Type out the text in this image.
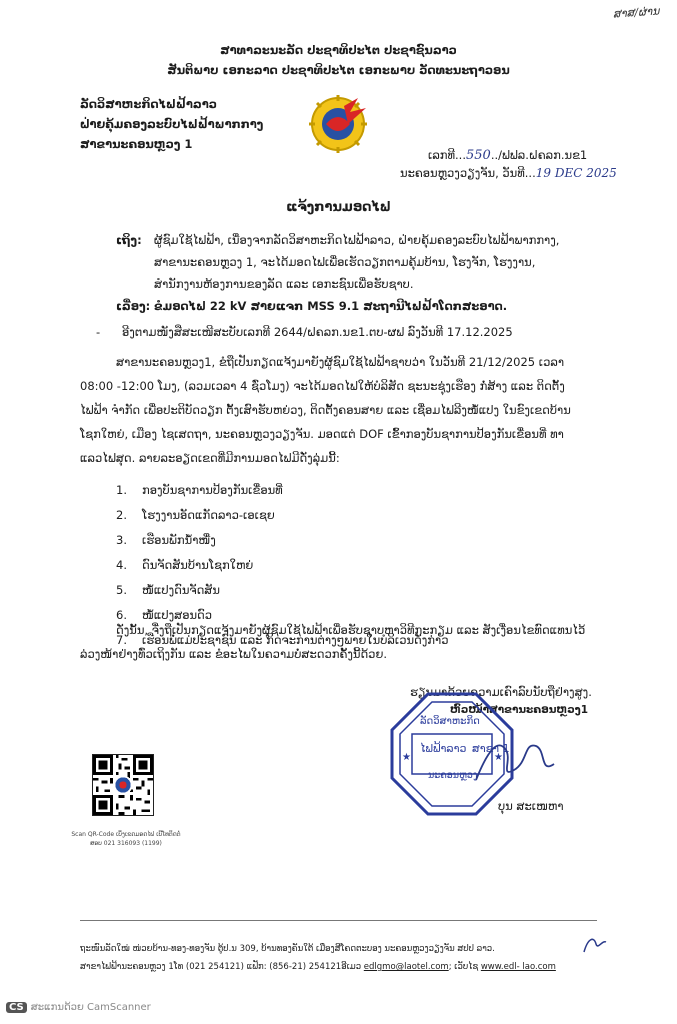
ສາສ/ຜ່ານ
ສາທາລະນະລັດ ປະຊາທິປະໄຕ ປະຊາຊົນລາວ
ສັນຕິພາບ ເອກະລາດ ປະຊາທິປະໄຕ ເອກະພາບ ວັດທະນະຖາວອນ
ລັດວິສາຫະກິດໄຟຟ້າລາວ
ຝ່າຍຄຸ້ມຄອງລະບົບໄຟຟ້າພາກກາງ
ສາຂານະຄອນຫຼວງ 1
ເລກທີ...550../ຟຟລ.ຝຄລກ.ນຂ1
ນະຄອນຫຼວງວຽງຈັນ, ວັນທີ...19 DEC 2025
ແຈ້ງການມອດໄຟ
ເຖິງ: ຜູ້ຊົມໃຊ້ໄຟຟ້າ, ເນື່ອງຈາກລັດວິສາຫະກິດໄຟຟ້າລາວ, ຝ່າຍຄຸ້ມຄອງລະບົບໄຟຟ້າພາກກາງ,
ສາຂານະຄອນຫຼວງ 1, ຈະໄດ້ມອດໄຟເພື່ອເຮັດວຽກຕາມຄຸ້ມບ້ານ, ໂຮງຈັກ, ໂຮງງານ,
ສໍານັກງານຫ້ອງການຂອງລັດ ແລະ ເອກະຊົນເພື່ອຮັບຊາບ.
ເລື່ອງ: ຂໍມອດໄຟ 22 kV ສາຍແຈກ MSS 9.1 ສະຖານີໄຟຟ້າໂດກສະອາດ.
- ອີງຕາມໜັງສືສະເໜີສະບັບເລກທີ 2644/ຝຄລກ.ນຂ1.ຕບ-ຜຟ ລົງວັນທີ 17.12.2025
ສາຂານະຄອນຫຼວງ1, ຂໍຖືເປັນກຽດແຈ້ງມາຍັງຜູ້ຊົມໃຊ້ໄຟຟ້າຊາບວ່າ ໃນວັນທີ 21/12/2025 ເວລາ
08:00 -12:00 ໂມງ, (ລວມເວລາ 4 ຊົ່ວໂມງ) ຈະໄດ້ມອດໄຟໃຫ້ບໍລິສັດ ຊະນະຊຸ່ງເຮືອງ ກໍ່ສ້າງ ແລະ ຕິດຕັ້ງ
ໄຟຟ້າ ຈໍາກັດ ເພື່ອປະຕິບັດວຽກ ຕັ້ງເສົາຮັບຫຍ່ວງ, ຕິດຕັ້ງຄອນສາຍ ແລະ ເຊື່ອມໄຟລີງໜໍ້ແປງ ໃນຂົງເຂດບ້ານ
ໂຊກໃຫຍ່, ເມືອງ ໄຊເສດຖາ, ນະຄອນຫຼວງວຽງຈັນ. ມອດແຕ່ DOF ເຂົ້າກອງບັນຊາການປ້ອງກັນເຂື່ອນທີ່ ທາ
ແລວໄຟສຸດ. ລາຍລະອຽດເຂດທີ່ມີການມອດໄຟມີດັ່ງລຸ່ມນີ້:
1. ກອງບັນຊາການປ້ອງກັນເຂື່ອນທີ່
2. ໂຮງງານອັດແກັດລາວ-ເອເຊຍ
3. ເຮືອນພັກນໍ້າໜື່ງ
4. ດົນຈັດສັນບ້ານໂຊກໃຫຍ່
5. ໜໍ້ແປງດົນຈັດສັນ
6. ໜໍ້ແປງສອນດົວ
7. ເຮືອນພໍ່ແມ່ປະຊາຊົນ ແລະ ກິດຈະການຕ່າງໆພາຍໃນບໍລິເວນດັ່ງກ່າວ
ດັ່ງນັ້ນ, ຈື່ງຖືເປັນກຽດແຈ້ງມາຍັງຜູ້ຊົມໃຊ້ໄຟຟ້າເພື່ອຮັບຊາບຫາວິທີກະກຽມ ແລະ ສັງເງື່ອນໄຂທົດແທນໄວ້
ລ່ວງໜ້າຢ່າງທົ່ວເຖິງກັນ ແລະ ຂໍອະໄພໃນຄວາມບໍ່ສະດວກຄັ້ງນີ້ດ້ວຍ.
ຮຽນມາດ້ວຍຄວາມເຄົາລົບນັບຖືຢ່າງສູງ.
ຫົວໜ້າສາຂານະຄອນຫຼວງ1
★	★
ລັດວິສາຫະກິດ
ໄຟຟ້າລາວ ສາຂາ 1
ນະຄອນຫຼວງ
ບຸນ ສະເໜຫາ
Scan QR-Code ເບິ່ງເຂດມອດໄຟ ເບີໂທຕິດຕໍ່ສອບ 021 316093 (1199)
ຖະໜົນລັດໃໝ່ ໜ່ວຍບ້ານ-ທອງ-ທອງຈັນ ຕູ້ປ.ນ 309, ບ້ານທອງຄັນໃຕ້ ເມືອງສີໂຄດຕະບອງ ນະຄອນຫຼວງວຽງຈັນ ສປປ ລາວ.
ສາຂາໄຟຟ້ານະຄອນຫຼວງ 1ໂທ (021 254121) ແຟັກ: (856-21) 254121ອີເມວ edlgmo@laotel.com; ເວັບໄຊ www.edl- lao.com
CS ສະແກນດ້ວຍ CamScanner
